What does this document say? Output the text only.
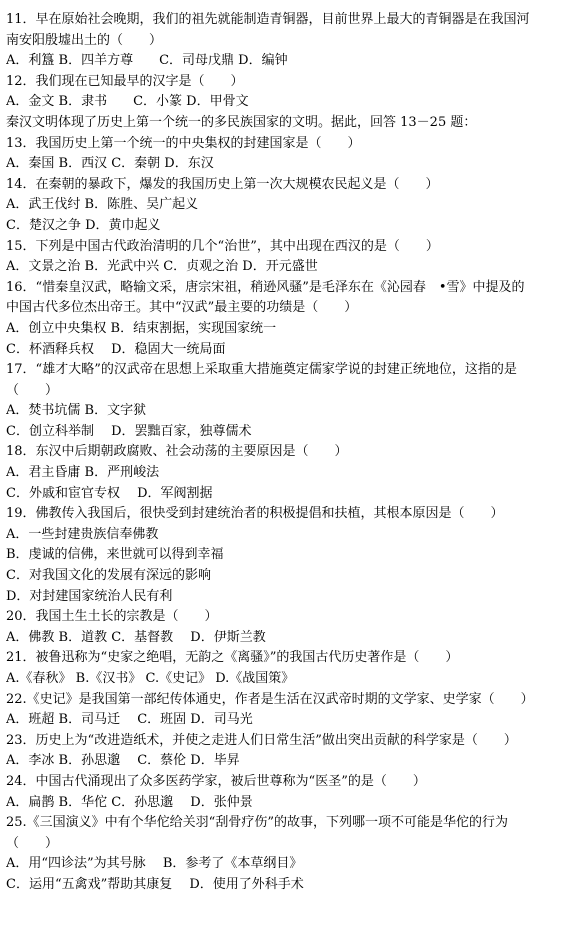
11．早在原始社会晚期，我们的祖先就能制造青铜器，目前世界上最大的青铜器是在我国河
南安阳殷墟出土的（　　）
A．利簋 B．四羊方尊　　C．司母戊鼎 D．编钟
12．我们现在已知最早的汉字是（　　）
A．金文 B．隶书　　C．小篆 D．甲骨文
秦汉文明体现了历史上第一个统一的多民族国家的文明。据此，回答 13－25 题：
13．我国历史上第一个统一的中央集权的封建国家是（　　）
A．秦国 B．西汉 C．秦朝 D．东汉
14．在秦朝的暴政下，爆发的我国历史上第一次大规模农民起义是（　　）
A．武王伐纣 B．陈胜、吴广起义
C．楚汉之争 D．黄巾起义
15．下列是中国古代政治清明的几个“治世”，其中出现在西汉的是（　　）
A．文景之治 B．光武中兴 C．贞观之治 D．开元盛世
16．“惜秦皇汉武，略输文采，唐宗宋祖，稍逊风骚”是毛泽东在《沁园春　•雪》中提及的
中国古代多位杰出帝王。其中“汉武”最主要的功绩是（　　）
A．创立中央集权 B．结束割据，实现国家统一
C．杯酒释兵权　 D．稳固大一统局面
17．“雄才大略”的汉武帝在思想上采取重大措施奠定儒家学说的封建正统地位，这指的是
（　　）
A．焚书坑儒 B．文字狱
C．创立科举制　 D．罢黜百家，独尊儒术
18．东汉中后期朝政腐败、社会动荡的主要原因是（　　）
A．君主昏庸 B．严刑峻法
C．外戚和宦官专权　 D．军阀割据
19．佛教传入我国后，很快受到封建统治者的积极提倡和扶植，其根本原因是（　　）
A．一些封建贵族信奉佛教
B．虔诚的信佛，来世就可以得到幸福
C．对我国文化的发展有深远的影响
D．对封建国家统治人民有利
20．我国土生土长的宗教是（　　）
A．佛教 B．道教 C．基督教　 D．伊斯兰教
21．被鲁迅称为“史家之绝唱，无韵之《离骚》”的我国古代历史著作是（　　）
A.《春秋》 B.《汉书》 C.《史记》 D.《战国策》
22.《史记》是我国第一部纪传体通史，作者是生活在汉武帝时期的文学家、史学家（　　）
A．班超 B．司马迁　 C．班固 D．司马光
23．历史上为“改进造纸术，并使之走进人们日常生活”做出突出贡献的科学家是（　　）
A．李冰 B．孙思邈　 C．蔡伦 D．毕昇
24．中国古代涌现出了众多医药学家，被后世尊称为“医圣”的是（　　）
A．扁鹊 B．华佗 C．孙思邈　 D．张仲景
25.《三国演义》中有个华佗给关羽“刮骨疗伤”的故事，下列哪一项不可能是华佗的行为
（　　）
A．用“四诊法”为其号脉　 B．参考了《本草纲目》
C．运用“五禽戏”帮助其康复　 D．使用了外科手术
